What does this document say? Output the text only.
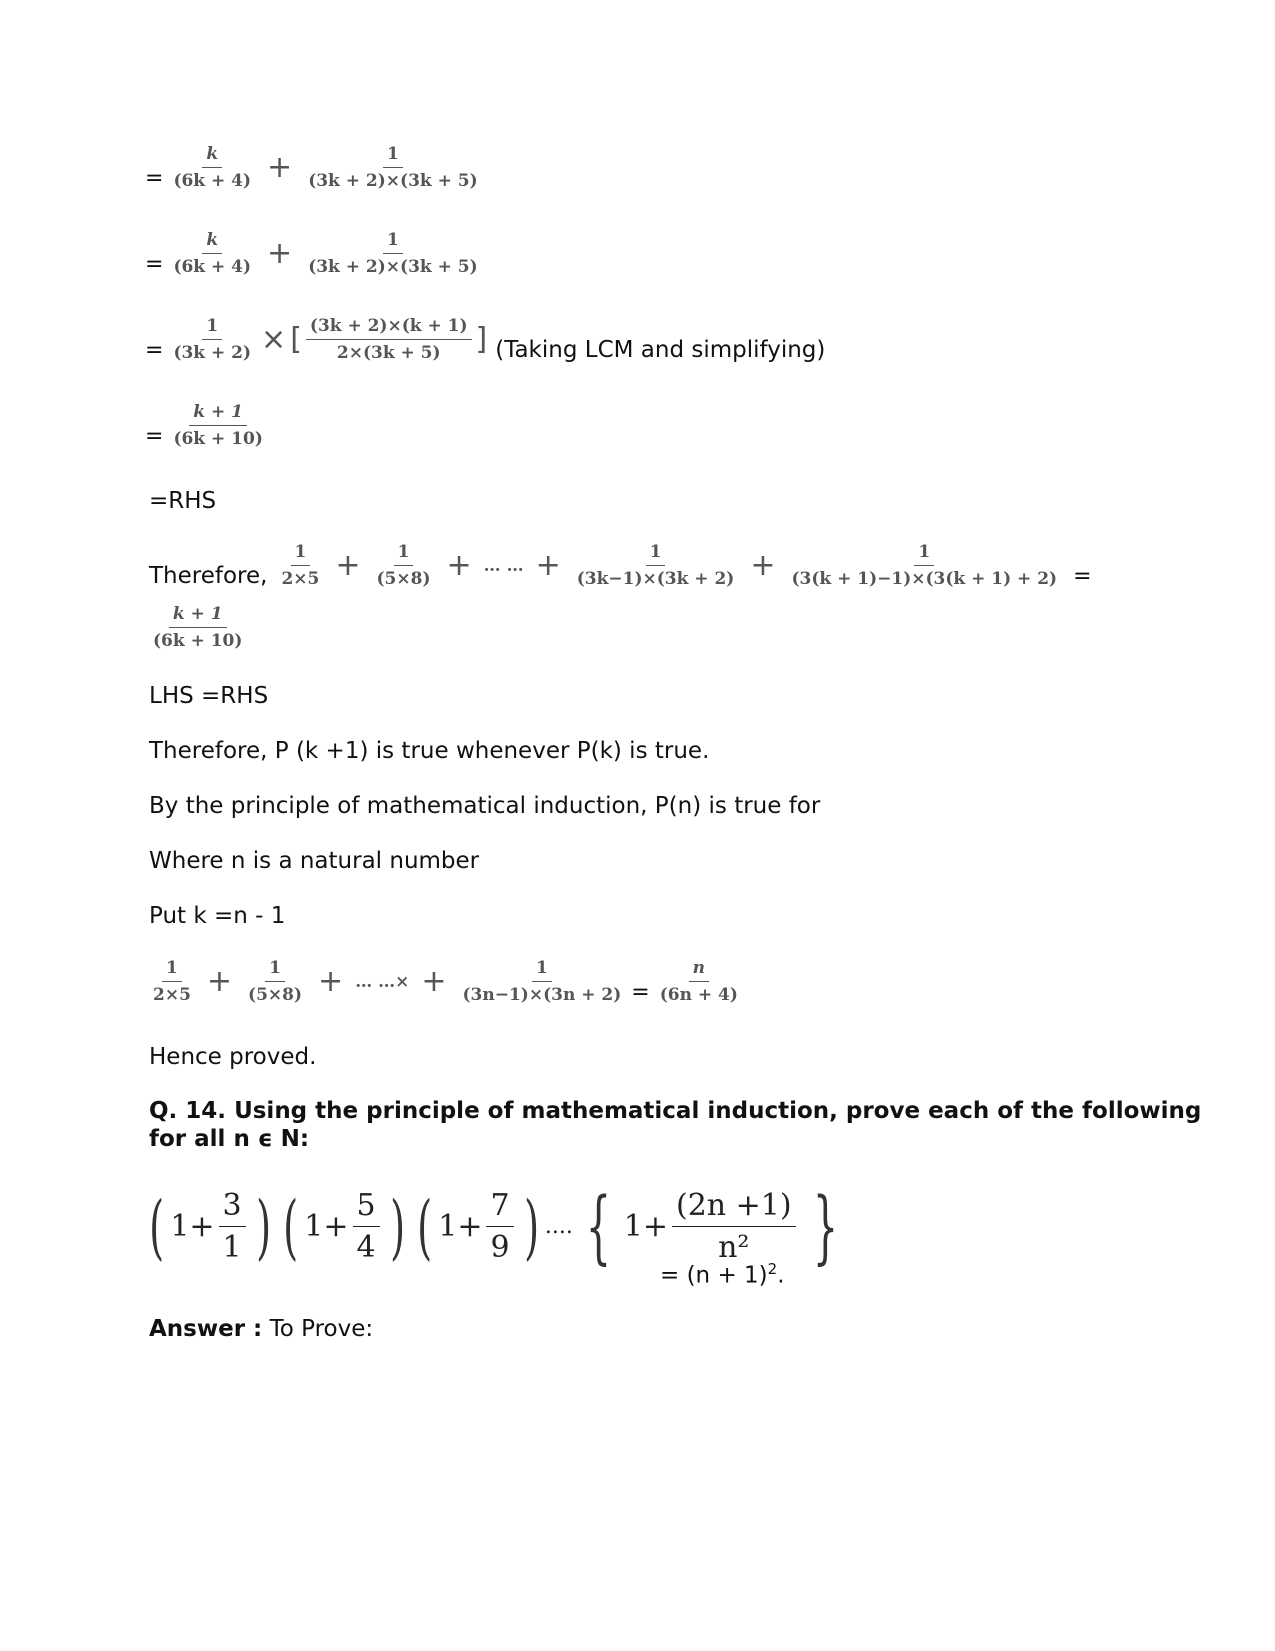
= $\frac{k}{(6k + 4)} + \frac{1}{(3k + 2)\times(3k + 5)}$
= $\frac{k}{(6k + 4)} + \frac{1}{(3k + 2)\times(3k + 5)}$
= $\frac{1}{(3k + 2)}$ × [ $\frac{(3k + 2)\times(k + 1)}{2\times(3k + 5)}$ ] (Taking LCM and simplifying)
= $\frac{k + 1}{(6k + 10)}$
=RHS
Therefore, $\frac{1}{2\times 5} + \frac{1}{(5\times 8)}$ + … … + $\frac{1}{(3k-1)\times(3k + 2)} + \frac{1}{(3(k + 1)-1)\times(3(k + 1) + 2)}$ =
$\frac{k + 1}{(6k + 10)}$
LHS =RHS
Therefore, P (k +1) is true whenever P(k) is true.
By the principle of mathematical induction, P(n) is true for
Where n is a natural number
Put k =n - 1
$\frac{1}{2\times 5} + \frac{1}{(5\times 8)}$ + … …× + $\frac{1}{(3n-1)\times(3n + 2)} = \frac{n}{(6n + 4)}$
Hence proved.
Q. 14. Using the principle of mathematical induction, prove each of the following
for all n ϵ N:
( $1 + \frac{3}{1}$ ) ( $1 + \frac{5}{4}$ ) ( $1 + \frac{7}{9}$ ) .... { $1 + \frac{(2n +1)}{\text{n²}}$ }
= $(n + 1)^2$.
Answer : To Prove:
